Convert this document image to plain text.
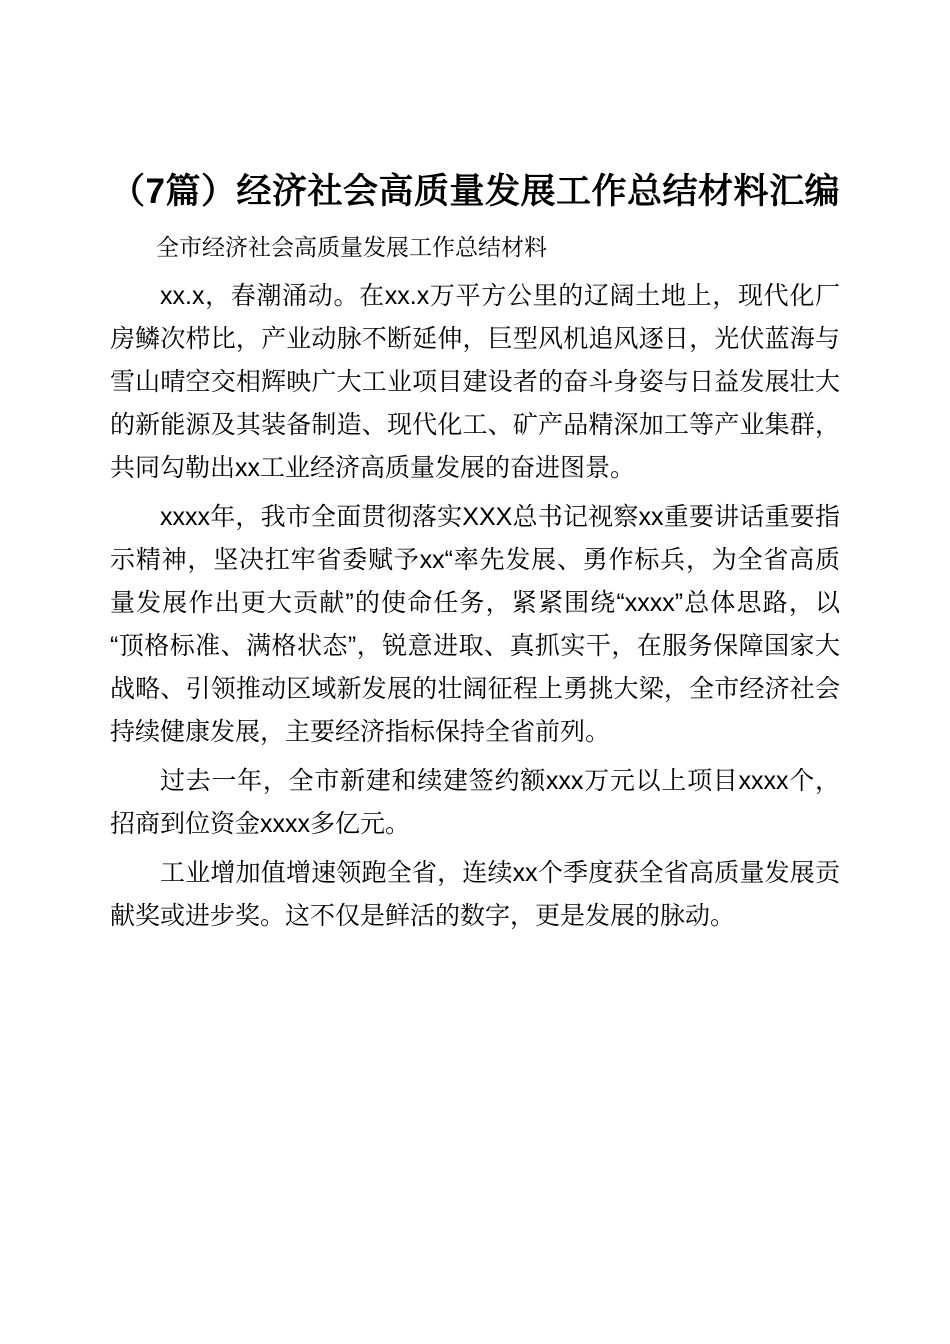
（7篇）经济社会高质量发展工作总结材料汇编
全市经济社会高质量发展工作总结材料

xx.x，春潮涌动。在xx.x万平方公里的辽阔土地上，现代化厂房鳞次栉比，产业动脉不断延伸，巨型风机追风逐日，光伏蓝海与雪山晴空交相辉映广大工业项目建设者的奋斗身姿与日益发展壮大的新能源及其装备制造、现代化工、矿产品精深加工等产业集群，共同勾勒出xx工业经济高质量发展的奋进图景。

xxxx年，我市全面贯彻落实XXX总书记视察xx重要讲话重要指示精神，坚决扛牢省委赋予xx“率先发展、勇作标兵，为全省高质量发展作出更大贡献”的使命任务，紧紧围绕“xxxx”总体思路，以“顶格标准、满格状态”，锐意进取、真抓实干，在服务保障国家大战略、引领推动区域新发展的壮阔征程上勇挑大梁，全市经济社会持续健康发展，主要经济指标保持全省前列。

过去一年，全市新建和续建签约额xxx万元以上项目xxxx个，招商到位资金xxxx多亿元。

工业增加值增速领跑全省，连续xx个季度获全省高质量发展贡献奖或进步奖。这不仅是鲜活的数字，更是发展的脉动。
